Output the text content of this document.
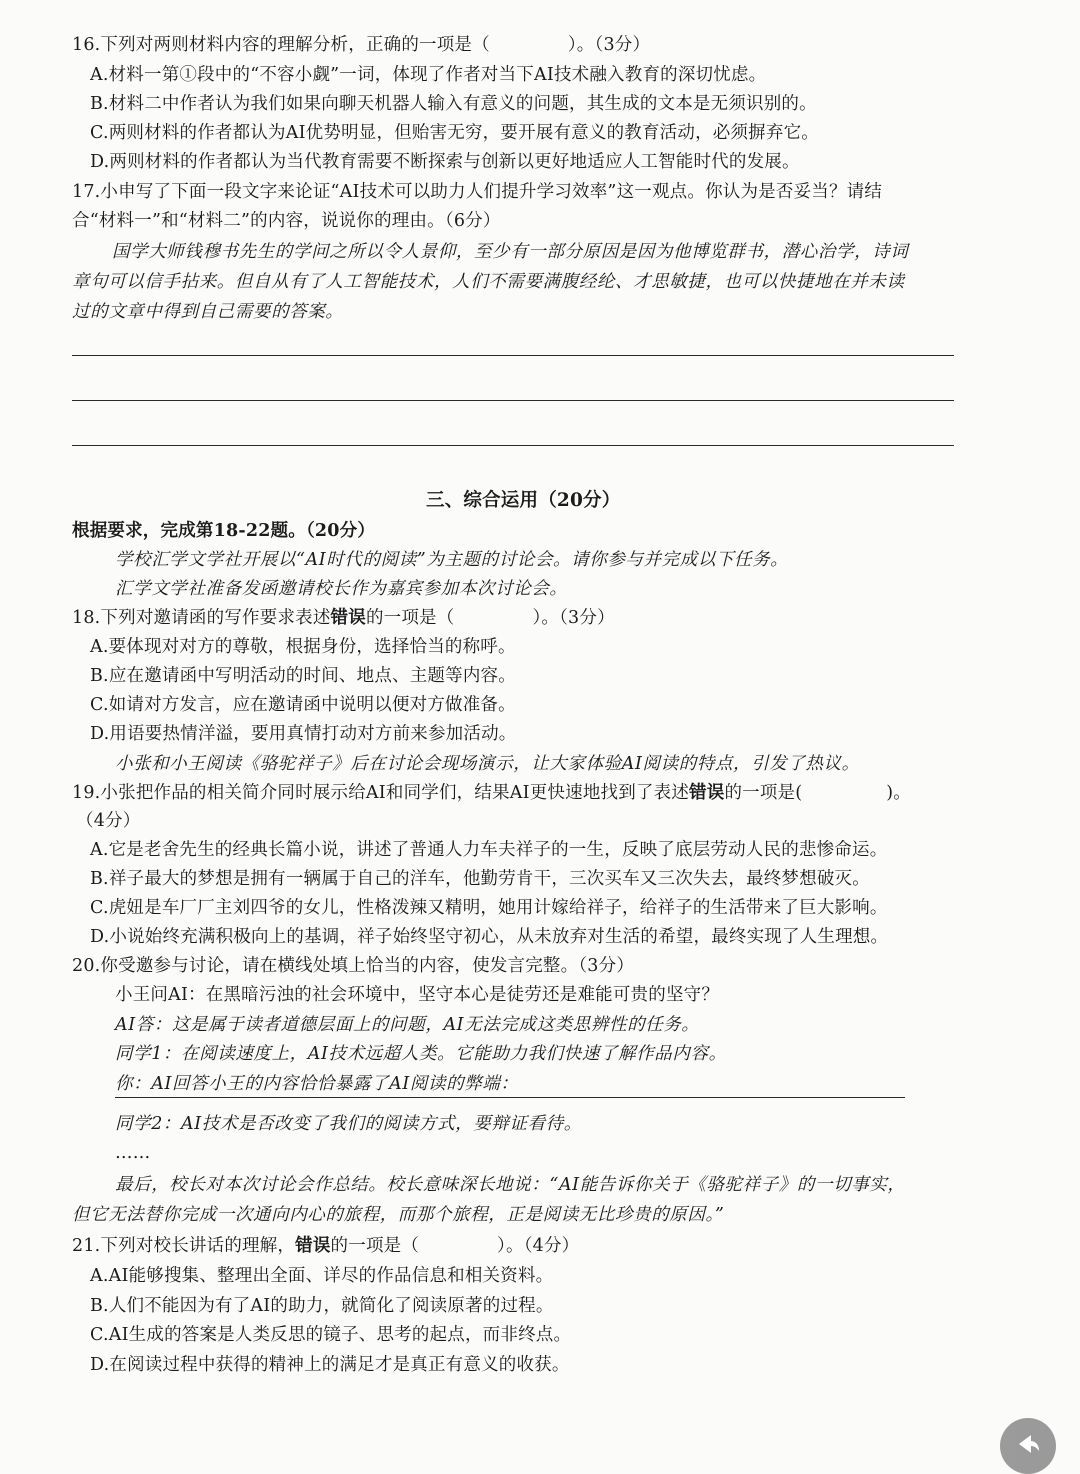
16.下列对两则材料内容的理解分析，正确的一项是（	）。（3分）
A.材料一第①段中的“不容小觑”一词，体现了作者对当下AI技术融入教育的深切忧虑。
B.材料二中作者认为我们如果向聊天机器人输入有意义的问题，其生成的文本是无须识别的。
C.两则材料的作者都认为AI优势明显，但贻害无穷，要开展有意义的教育活动，必须摒弃它。
D.两则材料的作者都认为当代教育需要不断探索与创新以更好地适应人工智能时代的发展。
17.小申写了下面一段文字来论证“AI技术可以助力人们提升学习效率”这一观点。你认为是否妥当？请结
合“材料一”和“材料二”的内容，说说你的理由。（6分）
国学大师钱穆书先生的学问之所以令人景仰，至少有一部分原因是因为他博览群书，潜心治学，诗词
章句可以信手拈来。但自从有了人工智能技术，人们不需要满腹经纶、才思敏捷，也可以快捷地在并未读
过的文章中得到自己需要的答案。
三、综合运用（20分）
根据要求，完成第18-22题。（20分）
学校汇学文学社开展以“AI时代的阅读”为主题的讨论会。请你参与并完成以下任务。
汇学文学社准备发函邀请校长作为嘉宾参加本次讨论会。
18.下列对邀请函的写作要求表述错误的一项是（	）。（3分）
A.要体现对对方的尊敬，根据身份，选择恰当的称呼。
B.应在邀请函中写明活动的时间、地点、主题等内容。
C.如请对方发言，应在邀请函中说明以便对方做准备。
D.用语要热情洋溢，要用真情打动对方前来参加活动。
小张和小王阅读《骆驼祥子》后在讨论会现场演示，让大家体验AI阅读的特点，引发了热议。
19.小张把作品的相关简介同时展示给AI和同学们，结果AI更快速地找到了表述错误的一项是(	)。
（4分）
A.它是老舍先生的经典长篇小说，讲述了普通人力车夫祥子的一生，反映了底层劳动人民的悲惨命运。
B.祥子最大的梦想是拥有一辆属于自己的洋车，他勤劳肯干，三次买车又三次失去，最终梦想破灭。
C.虎妞是车厂厂主刘四爷的女儿，性格泼辣又精明，她用计嫁给祥子，给祥子的生活带来了巨大影响。
D.小说始终充满积极向上的基调，祥子始终坚守初心，从未放弃对生活的希望，最终实现了人生理想。
20.你受邀参与讨论，请在横线处填上恰当的内容，使发言完整。（3分）
小王问AI：在黑暗污浊的社会环境中，坚守本心是徒劳还是难能可贵的坚守？
AI答：这是属于读者道德层面上的问题，AI无法完成这类思辨性的任务。
同学1：在阅读速度上，AI技术远超人类。它能助力我们快速了解作品内容。
你：AI回答小王的内容恰恰暴露了AI阅读的弊端：
同学2：AI技术是否改变了我们的阅读方式，要辩证看待。
……
最后，校长对本次讨论会作总结。校长意味深长地说：“AI能告诉你关于《骆驼祥子》的一切事实，
但它无法替你完成一次通向内心的旅程，而那个旅程，正是阅读无比珍贵的原因。”
21.下列对校长讲话的理解，错误的一项是（	）。（4分）
A.AI能够搜集、整理出全面、详尽的作品信息和相关资料。
B.人们不能因为有了AI的助力，就简化了阅读原著的过程。
C.AI生成的答案是人类反思的镜子、思考的起点，而非终点。
D.在阅读过程中获得的精神上的满足才是真正有意义的收获。
